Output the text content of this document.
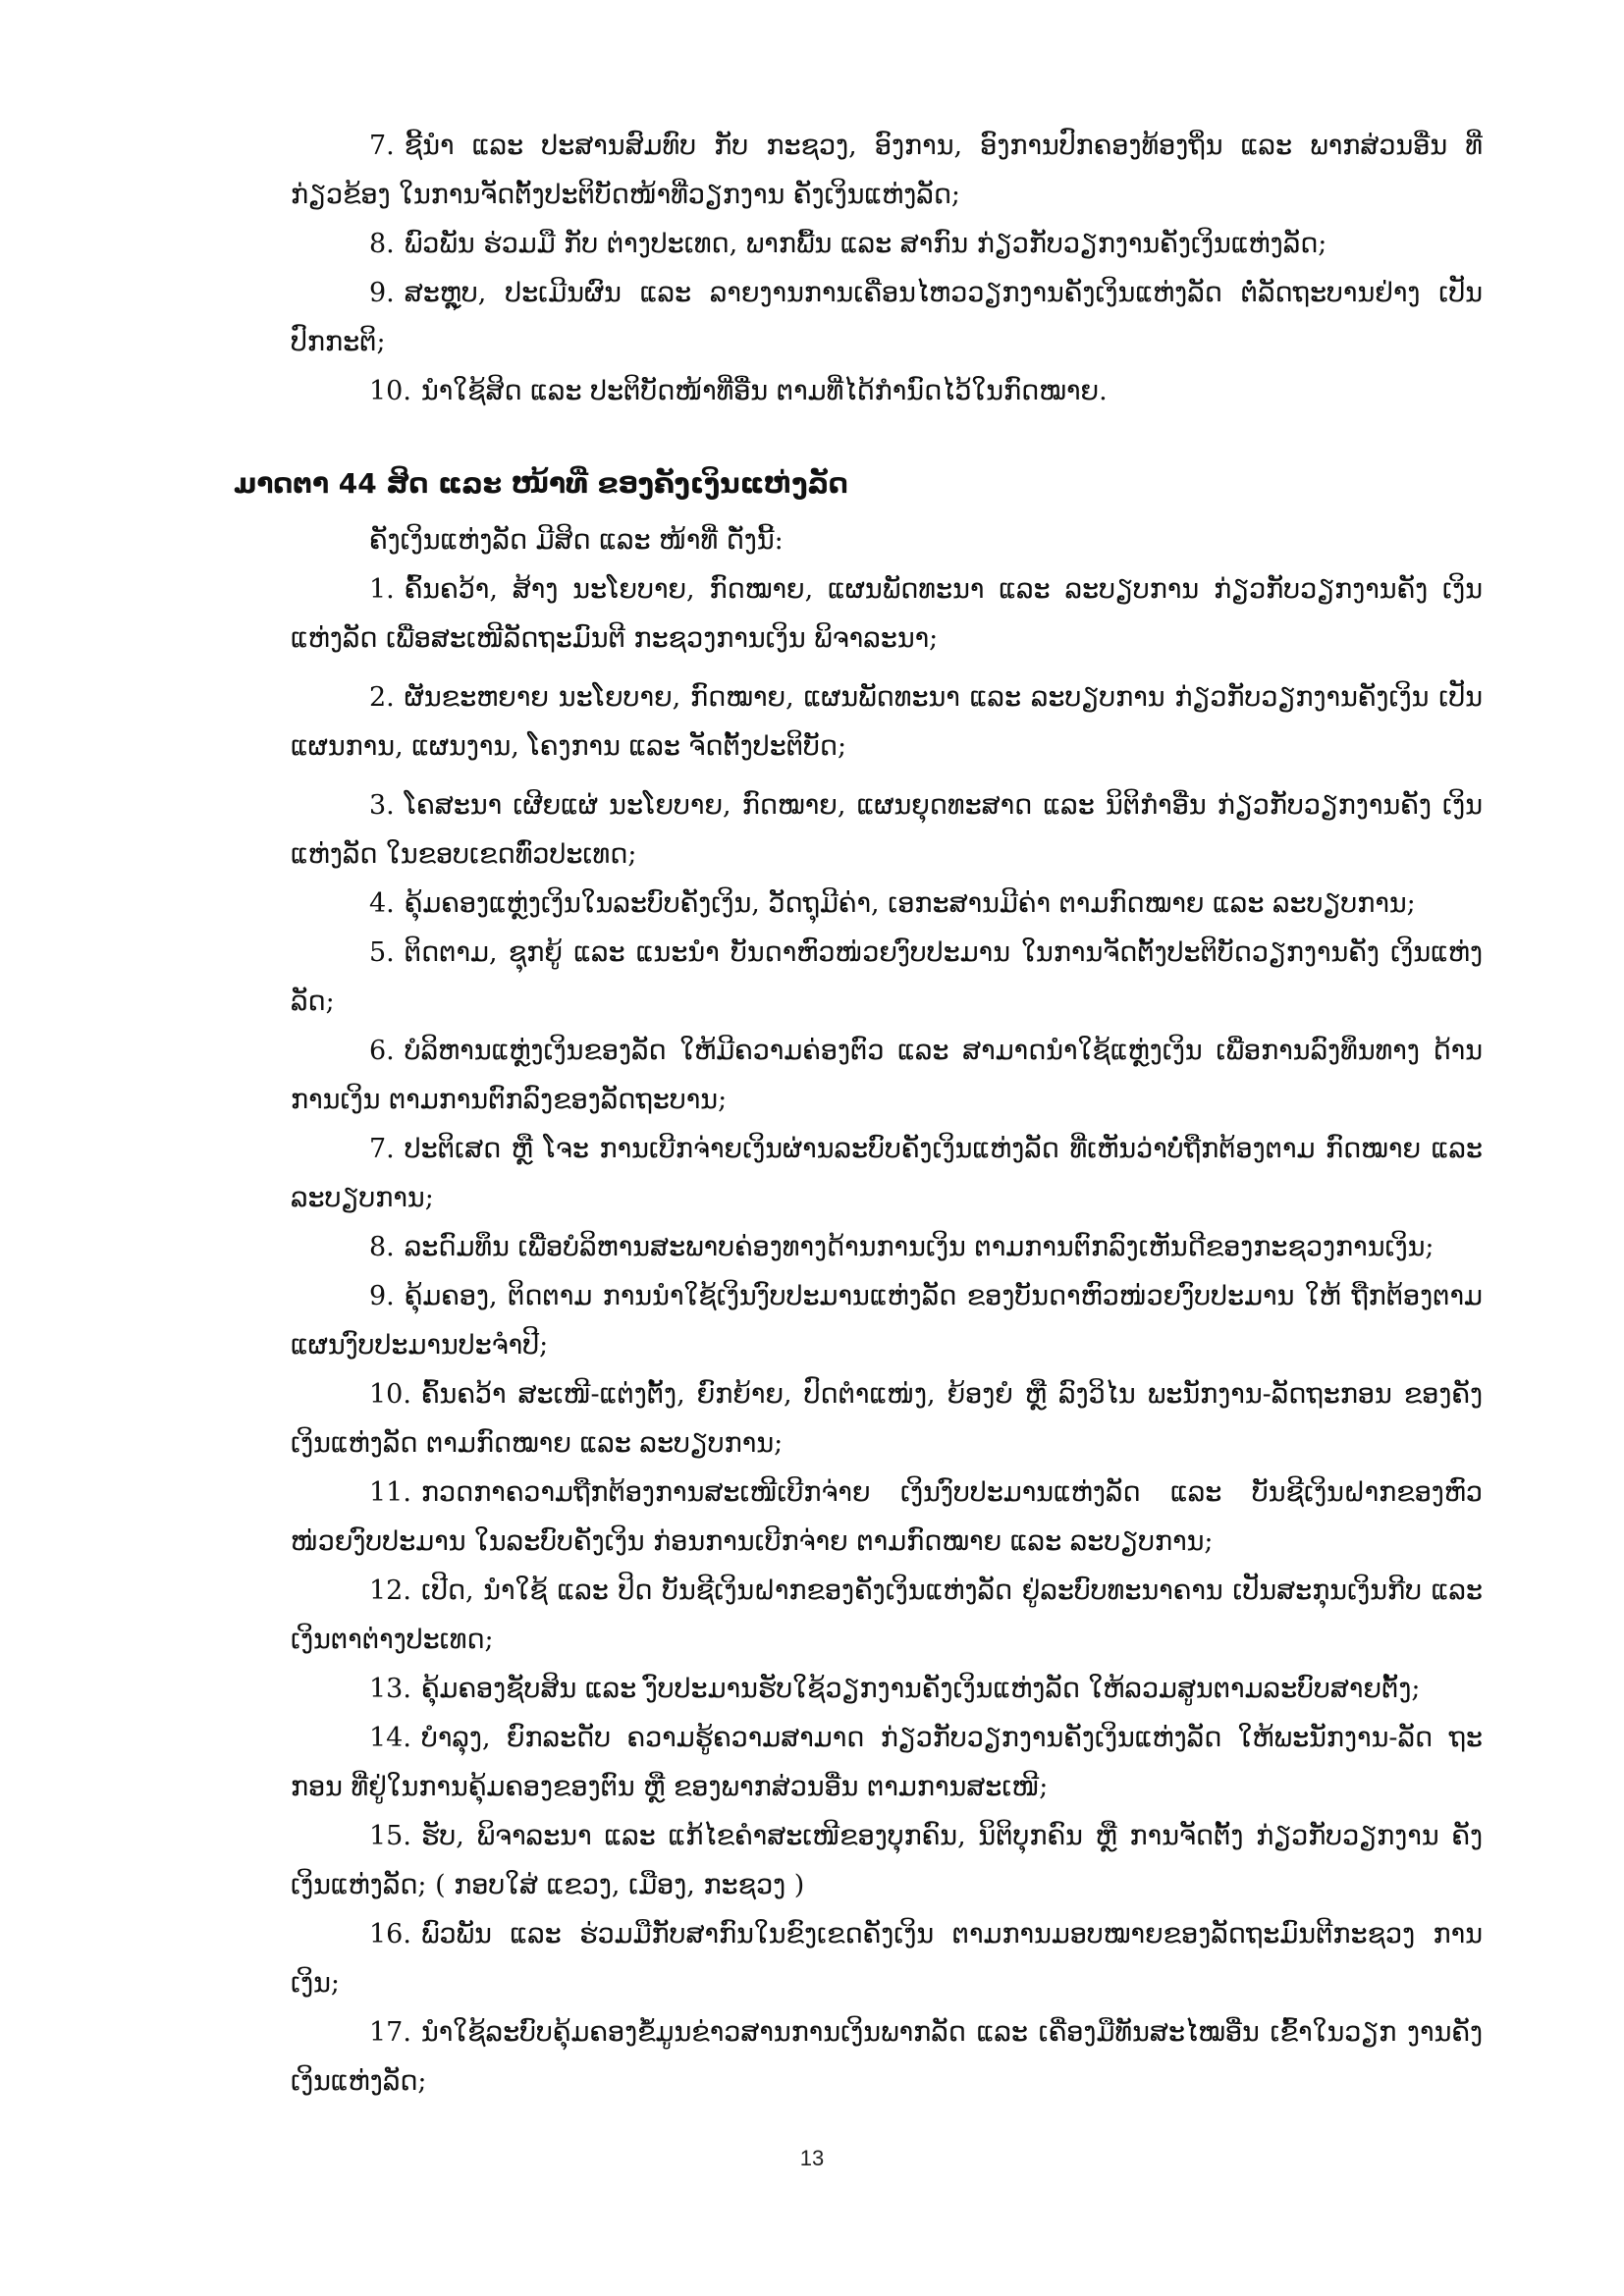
7. ຊີ້ນໍາ ແລະ ປະສານສົມທົບ ກັບ ກະຊວງ, ອົງການ, ອົງການປົກຄອງທ້ອງຖິ່ນ ແລະ ພາກສ່ວນອື່ນ ທີ່ກ່ຽວຂ້ອງ ໃນການຈັດຕັ້ງປະຕິບັດໜ້າທີ່ວຽກງານ ຄັງເງິນແຫ່ງລັດ;

8. ພົວພັນ ຮ່ວມມື ກັບ ຕ່າງປະເທດ, ພາກພື້ນ ແລະ ສາກົນ ກ່ຽວກັບວຽກງານຄັງເງິນແຫ່ງລັດ;

9. ສະຫຼຸບ, ປະເມີນຜົນ ແລະ ລາຍງານການເຄື່ອນໄຫວວຽກງານຄັງເງິນແຫ່ງລັດ ຕໍ່ລັດຖະບານຢ່າງ ເປັນປົກກະຕິ;

10. ນໍາໃຊ້ສິດ ແລະ ປະຕິບັດໜ້າທີ່ອື່ນ ຕາມທີ່ໄດ້ກໍານົດໄວ້ໃນກົດໝາຍ.

ມາດຕາ 44 ສິດ ແລະ ໜ້າທີ່ ຂອງຄັງເງິນແຫ່ງລັດ

ຄັງເງິນແຫ່ງລັດ ມີສິດ ແລະ ໜ້າທີ່ ດັ່ງນີ້:

1. ຄົ້ນຄວ້າ, ສ້າງ ນະໂຍບາຍ, ກົດໝາຍ, ແຜນພັດທະນາ ແລະ ລະບຽບການ ກ່ຽວກັບວຽກງານຄັງ ເງິນແຫ່ງລັດ ເພື່ອສະເໜີລັດຖະມົນຕີ ກະຊວງການເງິນ ພິຈາລະນາ;

2. ຜັນຂະຫຍາຍ ນະໂຍບາຍ, ກົດໝາຍ, ແຜນພັດທະນາ ແລະ ລະບຽບການ ກ່ຽວກັບວຽກງານຄັງເງິນ ເປັນແຜນການ, ແຜນງານ, ໂຄງການ ແລະ ຈັດຕັ້ງປະຕິບັດ;

3. ໂຄສະນາ ເຜີຍແຜ່ ນະໂຍບາຍ, ກົດໝາຍ, ແຜນຍຸດທະສາດ ແລະ ນິຕິກໍາອື່ນ ກ່ຽວກັບວຽກງານຄັງ ເງິນແຫ່ງລັດ ໃນຂອບເຂດທົ່ວປະເທດ;

4. ຄຸ້ມຄອງແຫຼ່ງເງິນໃນລະບົບຄັງເງິນ, ວັດຖຸມີຄ່າ, ເອກະສານມີຄ່າ ຕາມກົດໝາຍ ແລະ ລະບຽບການ;

5. ຕິດຕາມ, ຊຸກຍູ້ ແລະ ແນະນໍາ ບັນດາຫົວໜ່ວຍງົບປະມານ ໃນການຈັດຕັ້ງປະຕິບັດວຽກງານຄັງ ເງິນແຫ່ງລັດ;

6. ບໍລິຫານແຫຼ່ງເງິນຂອງລັດ ໃຫ້ມີຄວາມຄ່ອງຕົວ ແລະ ສາມາດນໍາໃຊ້ແຫຼ່ງເງິນ ເພື່ອການລົງທຶນທາງ ດ້ານການເງິນ ຕາມການຕົກລົງຂອງລັດຖະບານ;

7. ປະຕິເສດ ຫຼື ໂຈະ ການເບີກຈ່າຍເງິນຜ່ານລະບົບຄັງເງິນແຫ່ງລັດ ທີ່ເຫັນວ່າບໍ່ຖືກຕ້ອງຕາມ ກົດໝາຍ ແລະ ລະບຽບການ;

8. ລະດົມທຶນ ເພື່ອບໍລິຫານສະພາບຄ່ອງທາງດ້ານການເງິນ ຕາມການຕົກລົງເຫັນດີຂອງກະຊວງການເງິນ;

9. ຄຸ້ມຄອງ, ຕິດຕາມ ການນໍາໃຊ້ເງິນງົບປະມານແຫ່ງລັດ ຂອງບັນດາຫົວໜ່ວຍງົບປະມານ ໃຫ້ ຖືກຕ້ອງຕາມ ແຜນງົບປະມານປະຈໍາປີ;

10. ຄົ້ນຄວ້າ ສະເໜີ-ແຕ່ງຕັ້ງ, ຍົກຍ້າຍ, ປົດຕໍາແໜ່ງ, ຍ້ອງຍໍ ຫຼື ລົງວິໄນ ພະນັກງານ-ລັດຖະກອນ ຂອງຄັງເງິນແຫ່ງລັດ ຕາມກົດໝາຍ ແລະ ລະບຽບການ;

11. ກວດກາຄວາມຖືກຕ້ອງການສະເໜີເບີກຈ່າຍ ເງິນງົບປະມານແຫ່ງລັດ ແລະ ບັນຊີເງິນຝາກຂອງຫົວ ໜ່ວຍງົບປະມານ ໃນລະບົບຄັງເງິນ ກ່ອນການເບີກຈ່າຍ ຕາມກົດໝາຍ ແລະ ລະບຽບການ;

12. ເປີດ, ນໍາໃຊ້ ແລະ ປິດ ບັນຊີເງິນຝາກຂອງຄັງເງິນແຫ່ງລັດ ຢູ່ລະບົບທະນາຄານ ເປັນສະກຸນເງິນກີບ ແລະ ເງິນຕາຕ່າງປະເທດ;

13. ຄຸ້ມຄອງຊັບສິນ ແລະ ງົບປະມານຮັບໃຊ້ວຽກງານຄັງເງິນແຫ່ງລັດ ໃຫ້ລວມສູນຕາມລະບົບສາຍຕັ້ງ;

14. ບໍາລຸງ, ຍົກລະດັບ ຄວາມຮູ້ຄວາມສາມາດ ກ່ຽວກັບວຽກງານຄັງເງິນແຫ່ງລັດ ໃຫ້ພະນັກງານ-ລັດ ຖະກອນ ທີ່ຢູ່ໃນການຄຸ້ມຄອງຂອງຕົນ ຫຼື ຂອງພາກສ່ວນອື່ນ ຕາມການສະເໜີ;

15. ຮັບ, ພິຈາລະນາ ແລະ ແກ້ໄຂຄໍາສະເໜີຂອງບຸກຄົນ, ນິຕິບຸກຄົນ ຫຼື ການຈັດຕັ້ງ ກ່ຽວກັບວຽກງານ ຄັງເງິນແຫ່ງລັດ; ( ກອບໃສ່ ແຂວງ, ເມືອງ, ກະຊວງ )

16. ພົວພັນ ແລະ ຮ່ວມມືກັບສາກົນໃນຂົງເຂດຄັງເງິນ ຕາມການມອບໝາຍຂອງລັດຖະມົນຕີກະຊວງ ການເງິນ;

17. ນໍາໃຊ້ລະບົບຄຸ້ມຄອງຂໍ້ມູນຂ່າວສານການເງິນພາກລັດ ແລະ ເຄື່ອງມືທັນສະໄໝອື່ນ ເຂົ້າໃນວຽກ ງານຄັງເງິນແຫ່ງລັດ;

13
